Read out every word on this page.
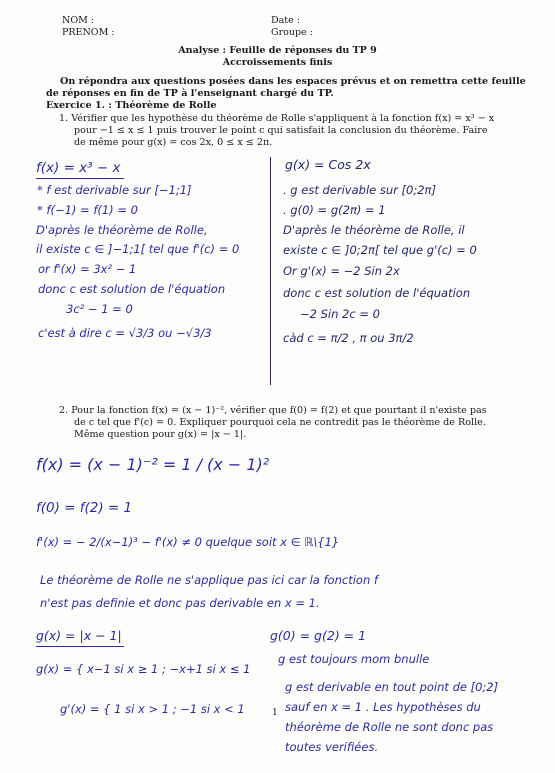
NOM :
PRENOM :
Date :
Groupe :
Analyse : Feuille de réponses du TP 9
Accroissements finis
On répondra aux questions posées dans les espaces prévus et on remettra cette feuille
de réponses en fin de TP à l'enseignant chargé du TP.
Exercice 1. : Théorème de Rolle
1. Vérifier que les hypothèse du théorème de Rolle s'appliquent à la fonction f(x) = x³ − x
pour −1 ≤ x ≤ 1 puis trouver le point c qui satisfait la conclusion du théorème. Faire
de même pour g(x) = cos 2x, 0 ≤ x ≤ 2π.
f(x) = x³ − x
* f est derivable sur [−1;1]
* f(−1) = f(1) = 0
D'après le théorème de Rolle,
il existe c ∈ ]−1;1[ tel que f'(c) = 0
or f'(x) = 3x² − 1
donc c est solution de l'équation
3c² − 1 = 0
c'est à dire c = √3/3 ou −√3/3
g(x) = Cos 2x
. g est derivable sur [0;2π]
. g(0) = g(2π) = 1
D'après le théorème de Rolle, il
existe c ∈ ]0;2π[ tel que g'(c) = 0
Or g'(x) = −2 Sin 2x
donc c est solution de l'équation
−2 Sin 2c = 0
càd c = π/2 , π ou 3π/2
2. Pour la fonction f(x) = (x − 1)⁻², vérifier que f(0) = f(2) et que pourtant il n'existe pas
de c tel que f'(c) = 0. Expliquer pourquoi cela ne contredit pas le théorème de Rolle.
Même question pour g(x) = |x − 1|.
f(x) = (x − 1)⁻² = 1 / (x − 1)²
f(0) = f(2) = 1
f'(x) = − 2/(x−1)³ − f'(x) ≠ 0 quelque soit x ∈ ℝ\{1}
Le théorème de Rolle ne s'applique pas ici car la fonction f
n'est pas definie et donc pas derivable en x = 1.
g(x) = |x − 1|	g(0) = g(2) = 1
g(x) = { x−1 si x ≥ 1 ; −x+1 si x ≤ 1
g'(x) = { 1 si x > 1 ; −1 si x < 1
g est toujours mom bnulle
g est derivable en tout point de [0;2]
sauf en x = 1 . Les hypothèses du
théorème de Rolle ne sont donc pas
toutes verifiées.
1
